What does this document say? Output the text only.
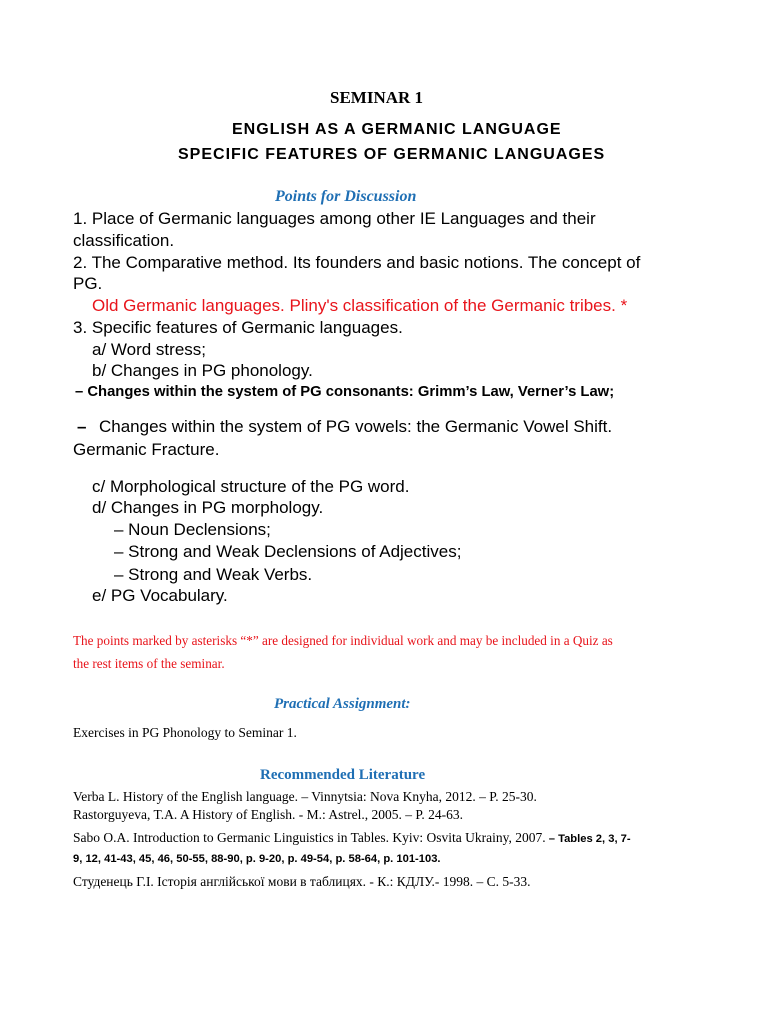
SEMINAR 1
ENGLISH AS A GERMANIC LANGUAGE
SPECIFIC FEATURES OF GERMANIC LANGUAGES
Points for Discussion
1. Place of Germanic languages among other IE Languages and their
classification.
2. The Comparative method. Its founders and basic notions. The concept of
PG.
Old Germanic languages. Pliny's classification of the Germanic tribes. *
3. Specific features of Germanic languages.
a/ Word stress;
b/ Changes in PG phonology.
– Changes within the system of PG consonants: Grimm’s Law, Verner’s Law;
– Changes within the system of PG vowels: the Germanic Vowel Shift.
Germanic Fracture.
c/ Morphological structure of the PG word.
d/ Changes in PG morphology.
– Noun Declensions;
– Strong and Weak Declensions of Adjectives;
– Strong and Weak Verbs.
e/ PG Vocabulary.
The points marked by asterisks “*” are designed for individual work and may be included in a Quiz as
the rest items of the seminar.
Practical Assignment:
Exercises in PG Phonology to Seminar 1.
Recommended Literature
Verba L. History of the English language. – Vinnytsia: Nova Knyha, 2012. – P. 25-30.
Rastorguyeva, T.A. A History of English. - M.: Astrel., 2005. – P. 24-63.
Sabo O.A. Introduction to Germanic Linguistics in Tables. Kyiv: Osvita Ukrainy, 2007. – Tables 2, 3, 7-
9, 12, 41-43, 45, 46, 50-55, 88-90, p. 9-20, p. 49-54, p. 58-64, p. 101-103.
Студенець Г.І. Історія англійської мови в таблицях. - К.: КДЛУ.- 1998. – С. 5-33.
